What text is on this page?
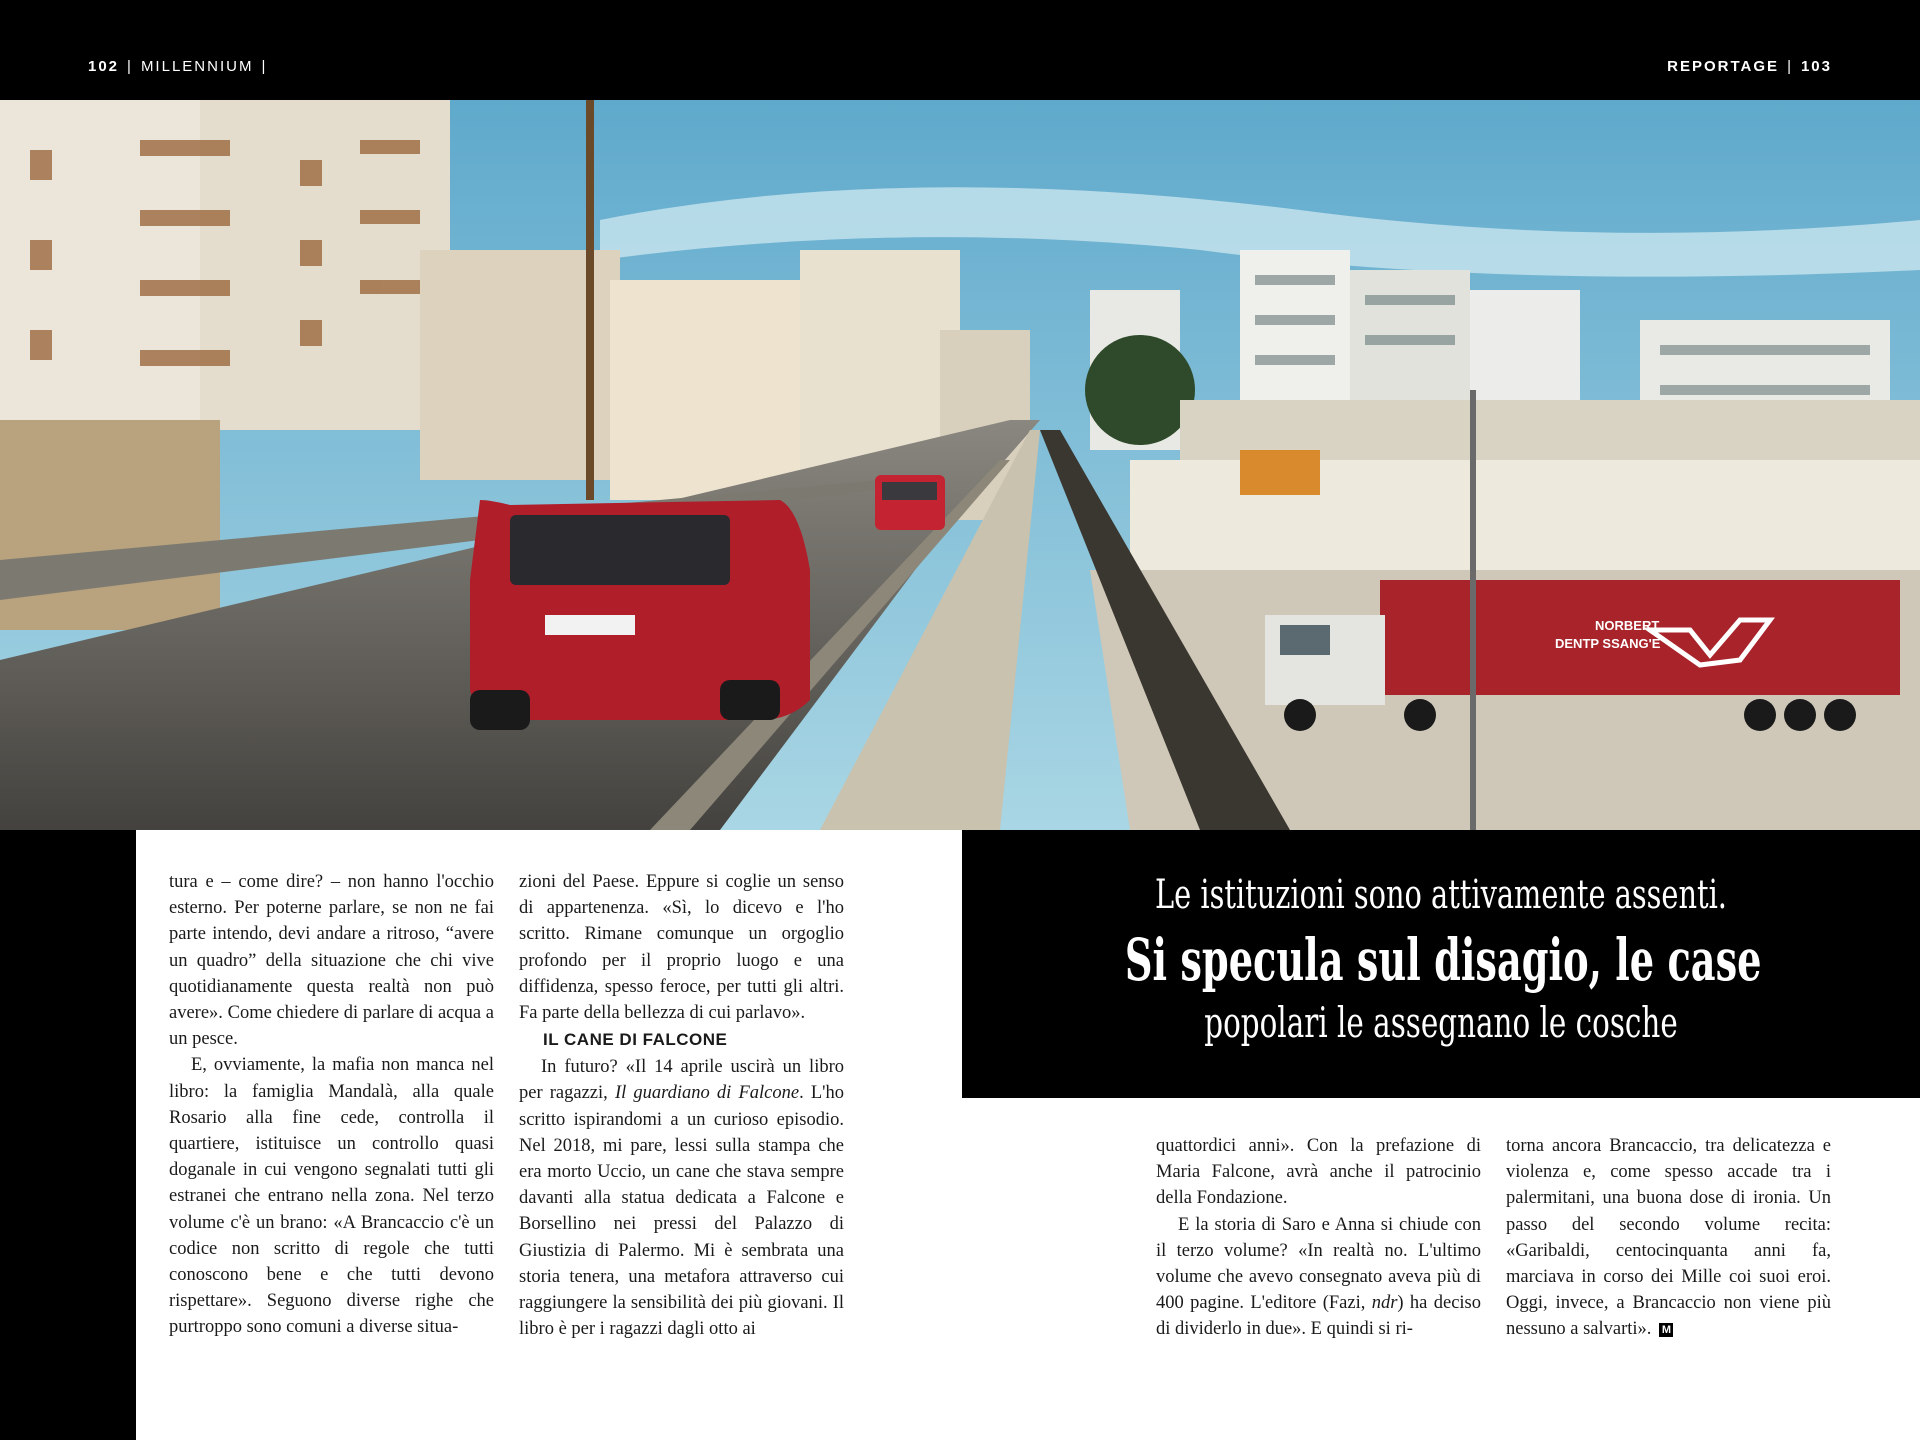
102 | MILLENNIUM |	REPORTAGE | 103
NORBERT
DENTP SSANG'E
Le istituzioni sono attivamente assenti.
Si specula sul disagio, le case
popolari le assegnano le cosche

tura e – come dire? – non hanno l'occhio esterno. Per poterne parlare, se non ne fai parte intendo, devi andare a ritroso, “avere un quadro” della situazione che chi vive quotidianamente questa realtà non può avere». Come chiedere di parlare di acqua a un pesce.

E, ovviamente, la mafia non manca nel libro: la famiglia Mandalà, alla quale Rosario alla fine cede, controlla il quartiere, istituisce un controllo quasi doganale in cui vengono segnalati tutti gli estranei che entrano nella zona. Nel terzo volume c'è un brano: «A Brancaccio c'è un codice non scritto di regole che tutti conoscono bene e che tutti devono rispettare». Seguono diverse righe che purtroppo sono comuni a diverse situa-

zioni del Paese. Eppure si coglie un senso di appartenenza. «Sì, lo dicevo e l'ho scritto. Rimane comunque un orgoglio profondo per il proprio luogo e una diffidenza, spesso feroce, per tutti gli altri. Fa parte della bellezza di cui parlavo».

IL CANE DI FALCONE

In futuro? «Il 14 aprile uscirà un libro per ragazzi, Il guardiano di Falcone. L'ho scritto ispirandomi a un curioso episodio. Nel 2018, mi pare, lessi sulla stampa che era morto Uccio, un cane che stava sempre davanti alla statua dedicata a Falcone e Borsellino nei pressi del Palazzo di Giustizia di Palermo. Mi è sembrata una storia tenera, una metafora attraverso cui raggiungere la sensibilità dei più giovani. Il libro è per i ragazzi dagli otto ai

quattordici anni». Con la prefazione di Maria Falcone, avrà anche il patrocinio della Fondazione.

E la storia di Saro e Anna si chiude con il terzo volume? «In realtà no. L'ultimo volume che avevo consegnato aveva più di 400 pagine. L'editore (Fazi, ndr) ha deciso di dividerlo in due». E quindi si ri-

torna ancora Brancaccio, tra delicatezza e violenza e, come spesso accade tra i palermitani, una buona dose di ironia. Un passo del secondo volume recita: «Garibaldi, centocinquanta anni fa, marciava in corso dei Mille coi suoi eroi. Oggi, invece, a Brancaccio non viene più nessuno a salvarti». M
